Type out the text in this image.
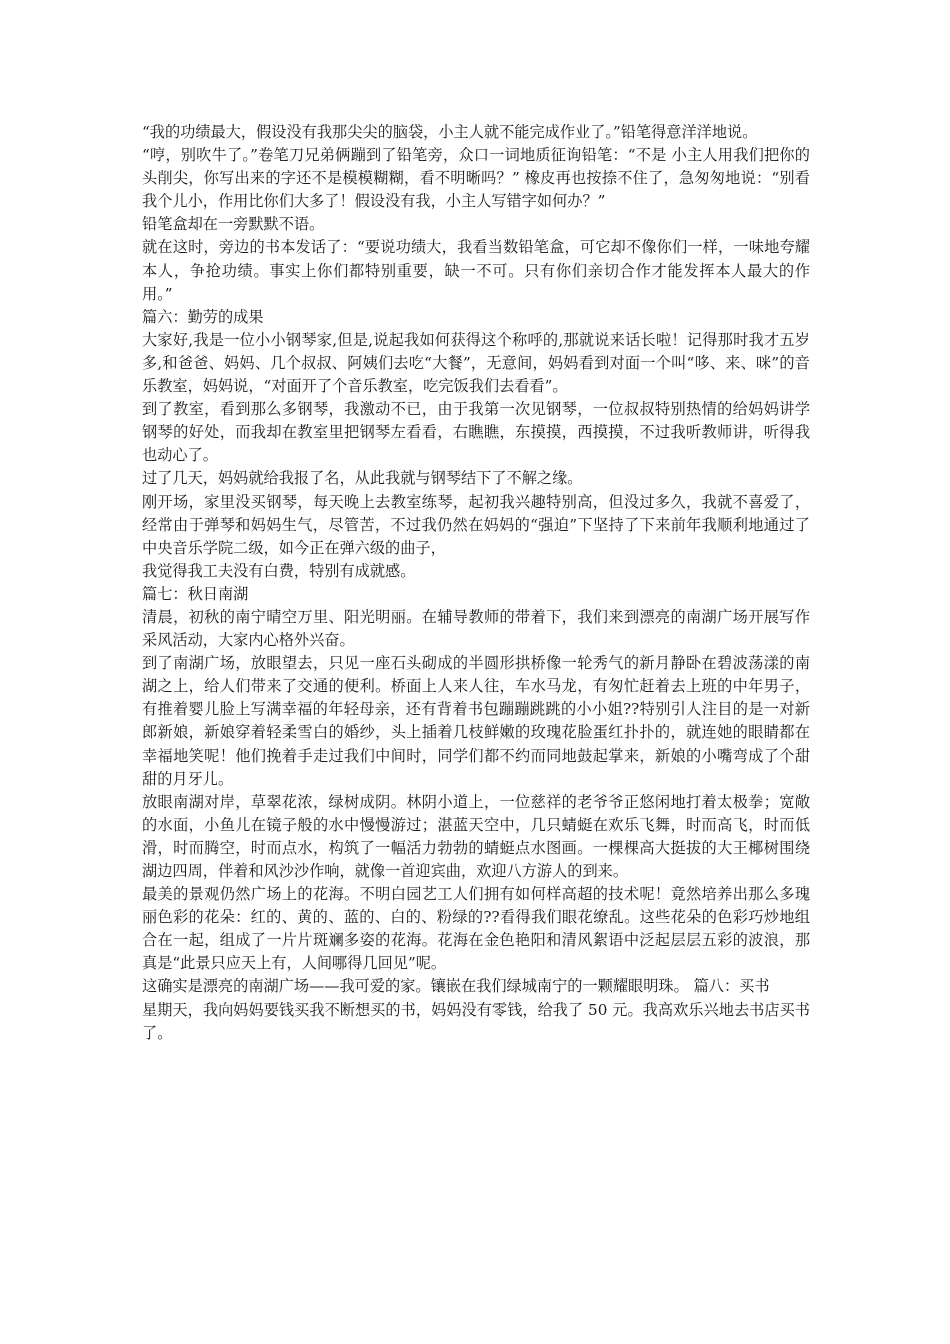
“我的功绩最大，假设没有我那尖尖的脑袋，小主人就不能完成作业了。”铅笔得意洋洋地说。

“哼，别吹牛了。”卷笔刀兄弟俩蹦到了铅笔旁，众口一词地质征询铅笔：“不是 小主人用我们把你的头削尖，你写出来的字还不是模模糊糊，看不明晰吗？” 橡皮再也按捺不住了，急匆匆地说：“别看我个儿小，作用比你们大多了！假设没有我，小主人写错字如何办？”

铅笔盒却在一旁默默不语。

就在这时，旁边的书本发话了：“要说功绩大，我看当数铅笔盒，可它却不像你们一样，一味地夸耀本人，争抢功绩。事实上你们都特别重要，缺一不可。只有你们亲切合作才能发挥本人最大的作用。”

篇六：勤劳的成果

大家好,我是一位小小钢琴家,但是,说起我如何获得这个称呼的,那就说来话长啦！记得那时我才五岁多,和爸爸、妈妈、几个叔叔、阿姨们去吃“大餐”，无意间，妈妈看到对面一个叫“哆、来、咪”的音乐教室，妈妈说，“对面开了个音乐教室，吃完饭我们去看看”。

到了教室，看到那么多钢琴，我激动不已，由于我第一次见钢琴，一位叔叔特别热情的给妈妈讲学钢琴的好处，而我却在教室里把钢琴左看看，右瞧瞧，东摸摸，西摸摸，不过我听教师讲，听得我也动心了。

过了几天，妈妈就给我报了名，从此我就与钢琴结下了不解之缘。

刚开场，家里没买钢琴，每天晚上去教室练琴，起初我兴趣特别高，但没过多久，我就不喜爱了，经常由于弹琴和妈妈生气，尽管苦，不过我仍然在妈妈的“强迫”下坚持了下来前年我顺利地通过了中央音乐学院二级，如今正在弹六级的曲子，

我觉得我工夫没有白费，特别有成就感。

篇七：秋日南湖

清晨，初秋的南宁晴空万里、阳光明丽。在辅导教师的带着下，我们来到漂亮的南湖广场开展写作采风活动，大家内心格外兴奋。

到了南湖广场，放眼望去，只见一座石头砌成的半圆形拱桥像一轮秀气的新月静卧在碧波荡漾的南湖之上，给人们带来了交通的便利。桥面上人来人往，车水马龙，有匆忙赶着去上班的中年男子，有推着婴儿脸上写满幸福的年轻母亲，还有背着书包蹦蹦跳跳的小小姐??特别引人注目的是一对新郎新娘，新娘穿着轻柔雪白的婚纱，头上插着几枝鲜嫩的玫瑰花脸蛋红扑扑的，就连她的眼睛都在幸福地笑呢！他们挽着手走过我们中间时，同学们都不约而同地鼓起掌来，新娘的小嘴弯成了个甜甜的月牙儿。

放眼南湖对岸，草翠花浓，绿树成阴。林阴小道上，一位慈祥的老爷爷正悠闲地打着太极拳；宽敞的水面，小鱼儿在镜子般的水中慢慢游过；湛蓝天空中，几只蜻蜓在欢乐飞舞，时而高飞，时而低滑，时而腾空，时而点水，构筑了一幅活力勃勃的蜻蜓点水图画。一棵棵高大挺拔的大王椰树围绕湖边四周，伴着和风沙沙作响，就像一首迎宾曲，欢迎八方游人的到来。

最美的景观仍然广场上的花海。不明白园艺工人们拥有如何样高超的技术呢！竟然培养出那么多瑰丽色彩的花朵：红的、黄的、蓝的、白的、粉绿的??看得我们眼花缭乱。这些花朵的色彩巧炒地组合在一起，组成了一片片斑斓多姿的花海。花海在金色艳阳和清风絮语中泛起层层五彩的波浪，那真是“此景只应天上有，人间哪得几回见”呢。

这确实是漂亮的南湖广场——我可爱的家。镶嵌在我们绿城南宁的一颗耀眼明珠。 篇八：买书

星期天，我向妈妈要钱买我不断想买的书，妈妈没有零钱，给我了 50 元。我高欢乐兴地去书店买书了。
